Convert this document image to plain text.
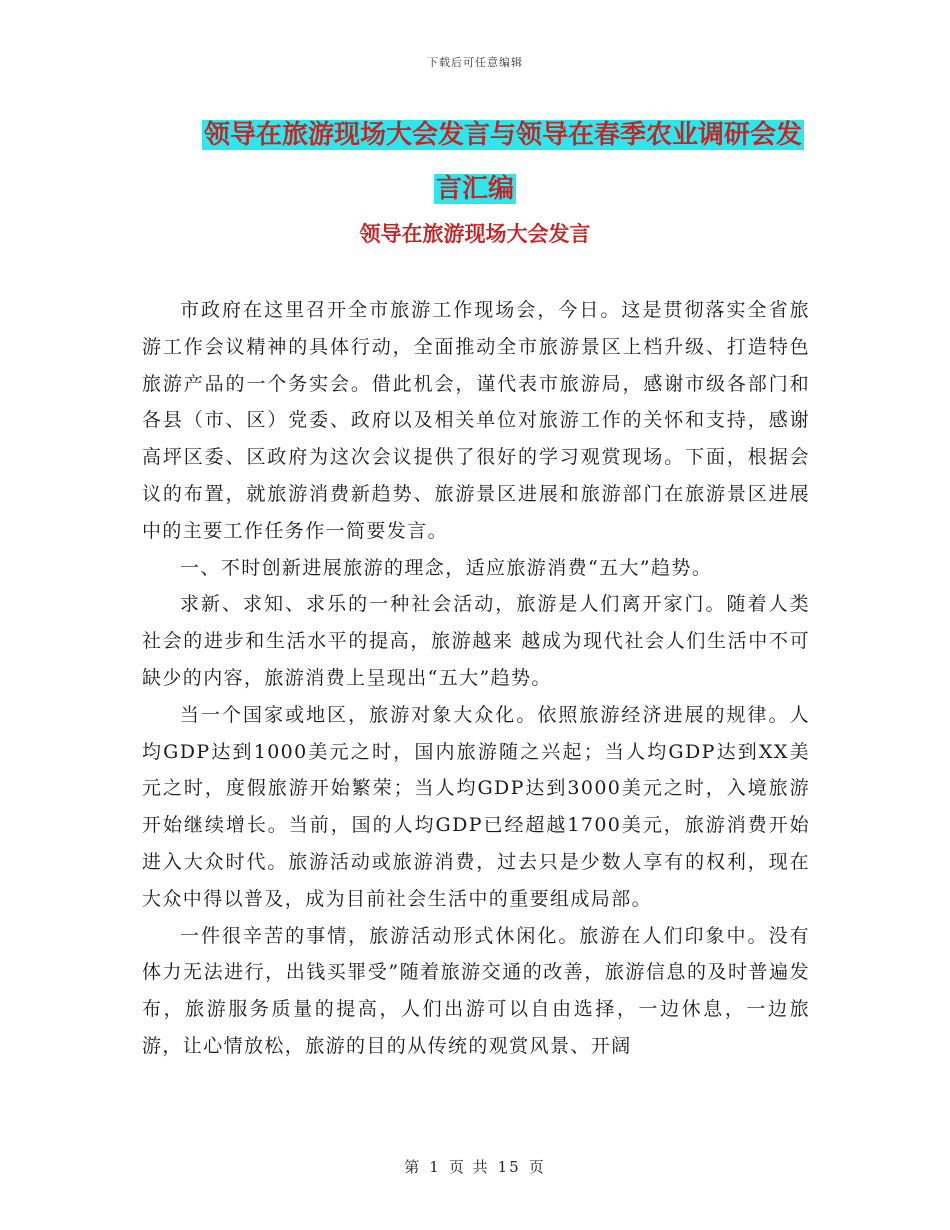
下载后可任意编辑
领导在旅游现场大会发言与领导在春季农业调研会发
言汇编
领导在旅游现场大会发言

市政府在这里召开全市旅游工作现场会，今日。这是贯彻落实全省旅游工作会议精神的具体行动，全面推动全市旅游景区上档升级、打造特色旅游产品的一个务实会。借此机会，谨代表市旅游局，感谢市级各部门和各县（市、区）党委、政府以及相关单位对旅游工作的关怀和支持，感谢高坪区委、区政府为这次会议提供了很好的学习观赏现场。下面，根据会议的布置，就旅游消费新趋势、旅游景区进展和旅游部门在旅游景区进展中的主要工作任务作一简要发言。

一、不时创新进展旅游的理念，适应旅游消费“五大”趋势。

求新、求知、求乐的一种社会活动，旅游是人们离开家门。随着人类社会的进步和生活水平的提高，旅游越来 越成为现代社会人们生活中不可缺少的内容，旅游消费上呈现出“五大”趋势。

当一个国家或地区，旅游对象大众化。依照旅游经济进展的规律。人均GDP达到1000美元之时，国内旅游随之兴起；当人均GDP达到XX美元之时，度假旅游开始繁荣；当人均GDP达到3000美元之时，入境旅游开始继续增长。当前，国的人均GDP已经超越1700美元，旅游消费开始进入大众时代。旅游活动或旅游消费，过去只是少数人享有的权利，现在大众中得以普及，成为目前社会生活中的重要组成局部。

一件很辛苦的事情，旅游活动形式休闲化。旅游在人们印象中。没有体力无法进行，出钱买罪受”随着旅游交通的改善，旅游信息的及时普遍发布，旅游服务质量的提高，人们出游可以自由选择，一边休息，一边旅游，让心情放松，旅游的目的从传统的观赏风景、开阔

第 1 页 共 15 页
